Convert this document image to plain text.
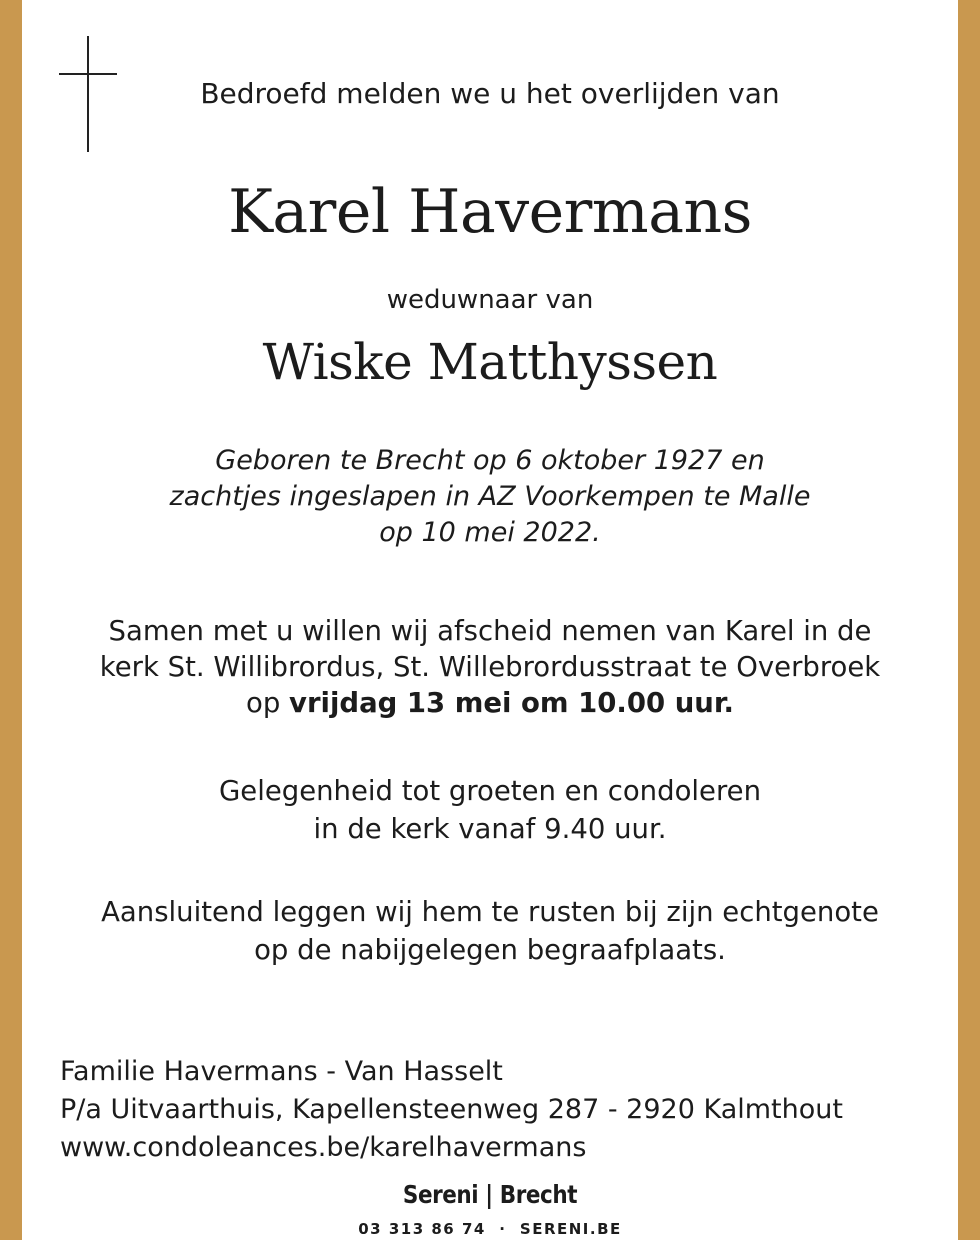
Bedroefd melden we u het overlijden van
Karel Havermans
weduwnaar van
Wiske Matthyssen
Geboren te Brecht op 6 oktober 1927 en
zachtjes ingeslapen in AZ Voorkempen te Malle
op 10 mei 2022.
Samen met u willen wij afscheid nemen van Karel in de
kerk St. Willibrordus, St. Willebrordusstraat te Overbroek
op vrijdag 13 mei om 10.00 uur.
Gelegenheid tot groeten en condoleren
in de kerk vanaf 9.40 uur.
Aansluitend leggen wij hem te rusten bij zijn echtgenote
op de nabijgelegen begraafplaats.
Familie Havermans - Van Hasselt
P/a Uitvaarthuis, Kapellensteenweg 287 - 2920 Kalmthout
www.condoleances.be/karelhavermans
Sereni | Brecht
03 313 86 74  ·  SERENI.BE
